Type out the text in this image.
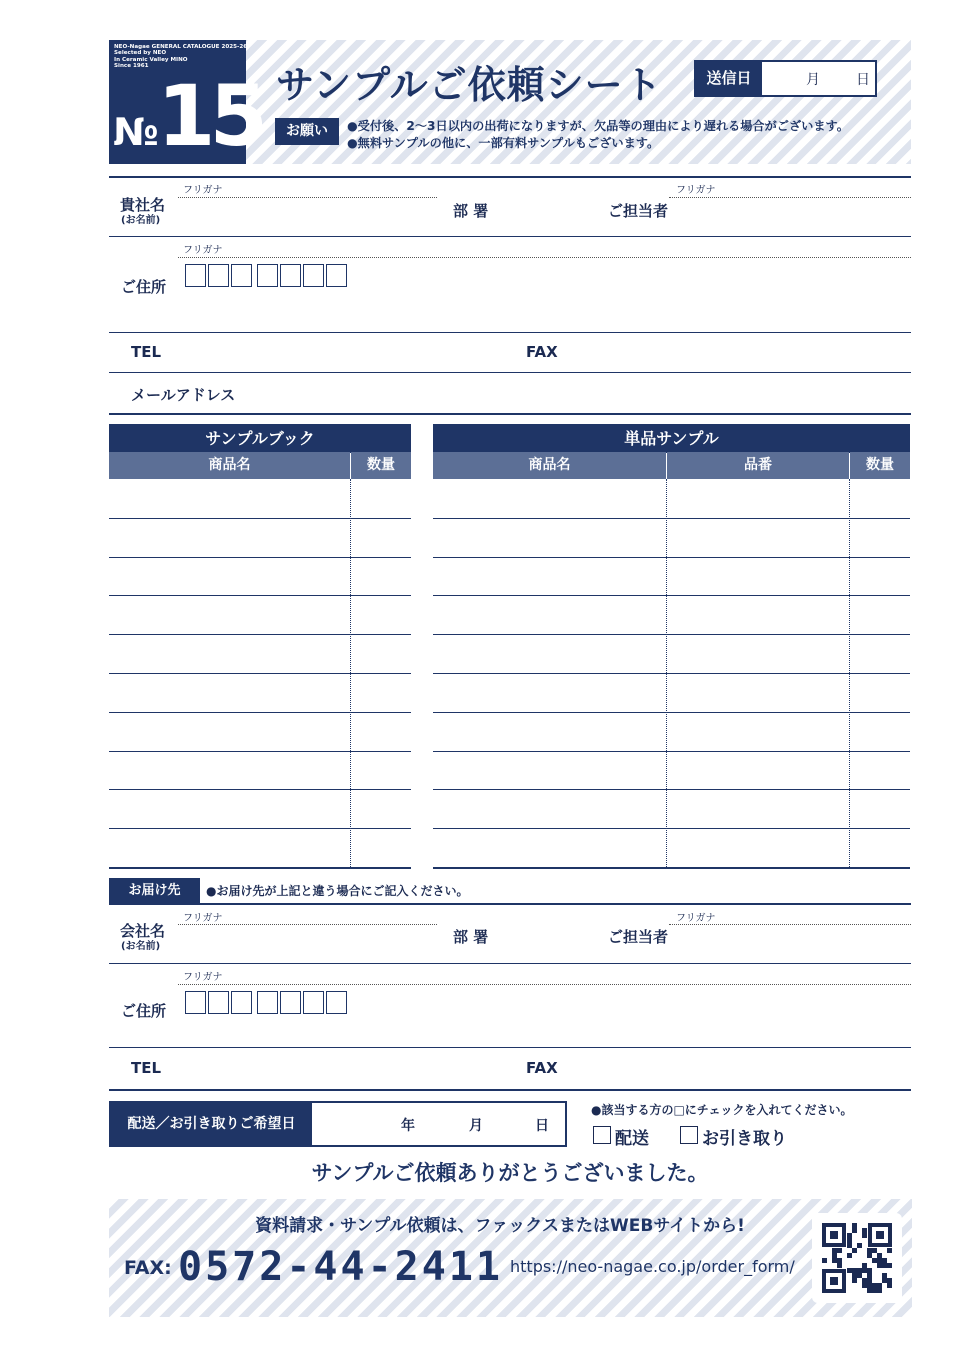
NEO-Nagae GENERAL CATALOGUE 2025-26
Selected by NEO
In Ceramic Valley MINO
Since 1961
№ 15 サンプルご依頼シート	送信日	月	日
お願い	●受付後、2～3日以内の出荷になりますが、欠品等の理由により遅れる場合がございます。
●無料サンプルの他に、一部有料サンプルもございます。
フリガナ	フリガナ
貴社名
(お名前)
部 署	ご担当者
フリガナ
ご住所
TEL	FAX
メールアドレス
サンプルブック
商品名	数量
単品サンプル
商品名	品番	数量
お届け先	●お届け先が上記と違う場合にご記入ください。
フリガナ	フリガナ
会社名
(お名前)
部 署	ご担当者
フリガナ
ご住所
TEL	FAX
配送／お引き取りご希望日	年	月	日
●該当する方の□にチェックを入れてください。
配送	お引き取り
サンプルご依頼ありがとうございました。
資料請求・サンプル依頼は、ファックスまたはWEBサイトから!
FAX: 0572-44-2411 https://neo-nagae.co.jp/order_form/
